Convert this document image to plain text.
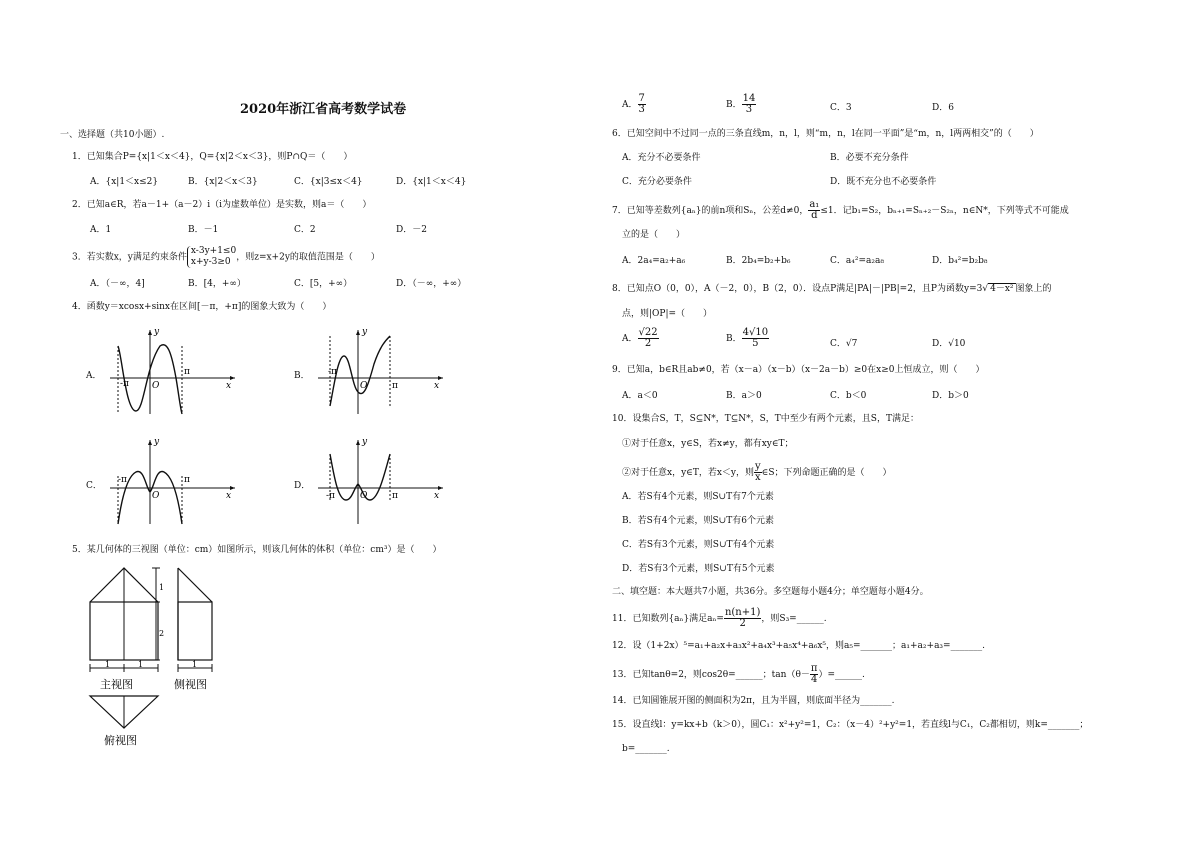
2020年浙江省高考数学试卷
一、选择题（共10小题）.
1．已知集合P={x|1＜x＜4}，Q={x|2＜x＜3}，则P∩Q＝（　　）
A．{x|1＜x≤2}	B．{x|2＜x＜3}	C．{x|3≤x＜4}	D．{x|1＜x＜4}
2．已知a∈R，若a－1+（a－2）i（i为虚数单位）是实数，则a＝（　　）
A．1	B．－1	C．2	D．－2
3．若实数x，y满足约束条件
x-3y+1≤0
x+y-3≥0 ，则z=x+2y的取值范围是（　　）
A．（－∞，4]	B．[4，+∞）	C．[5，+∞）	D．（－∞，+∞）
4．函数y＝xcosx+sinx在区间[－π，+π]的图象大致为（　　）
A．	B．
C．	D．
-π
π
O	x
y
-π
π
O	x
y
-π	π
O	x
y
-π	π
O	x
y
5．某几何体的三视图（单位：cm）如图所示，则该几何体的体积（单位：cm³）是（　　）
1
2
1	1
主视图
1
侧视图
俯视图
A． $\frac{7}{3}$	B． $\frac{14}{3}$	C．3	D．6
6．已知空间中不过同一点的三条直线m，n，l，则“m，n，l在同一平面”是“m，n，l两两相交”的（　　）
A．充分不必要条件	B．必要不充分条件
C．充分必要条件	D．既不充分也不必要条件
7．已知等差数列{aₙ}的前n项和Sₙ，公差d≠0， $\frac{\text{a₁}}{d} \le 1$．记b₁=S₂，bₙ₊₁=Sₙ₊₂－S₂ₙ，n∈N*，下列等式不可能成
立的是（　　）
A．2a₄=a₂+a₆	B．2b₄=b₂+b₆	C．a₄²=a₂a₈	D．b₄²=b₂b₈
8．已知点O（0，0），A（－2，0），B（2，0）．设点P满足|PA|－|PB|=2，且P为函数y=3√ 4－x² 图象上的
点，则|OP|=（　　）
A． $\frac{√22}{2}$	B． $\frac{4√10}{5}$	C．√7	D．√10
9．已知a，b∈R且ab≠0，若（x－a）（x－b）（x－2a－b）≥0在x≥0上恒成立，则（　　）
A．a＜0	B．a＞0	C．b＜0	D．b＞0
10．设集合S，T，S⊆N*，T⊆N*，S，T中至少有两个元素，且S，T满足：
①对于任意x，y∈S，若x≠y，都有xy∈T；
②对于任意x，y∈T，若x＜y，则 $\frac{y}{x}$ ∈S；下列命题正确的是（　　）
A．若S有4个元素，则S∪T有7个元素
B．若S有4个元素，则S∪T有6个元素
C．若S有3个元素，则S∪T有4个元素
D．若S有3个元素，则S∪T有5个元素
二、填空题：本大题共7小题，共36分。多空题每小题4分；单空题每小题4分。
11．已知数列{aₙ}满足$a_n= \frac{n(n+1)}{2}$ ，则S₃=______.
12．设（1+2x）⁵=a₁+a₂x+a₃x²+a₄x³+a₅x⁴+a₆x⁵，则a₅=_______；a₁+a₂+a₃=_______.
13．已知tanθ=2，则cos2θ=______；$\tan(\theta- \frac{\pi}{4}$ ）=______.
14．已知圆锥展开图的侧面积为2π，且为半圆，则底面半径为_______.
15．设直线l：y=kx+b（k＞0），圆C₁：x²+y²=1，C₂：（x－4）²+y²=1，若直线l与C₁，C₂都相切，则k=_______；
b=_______.
